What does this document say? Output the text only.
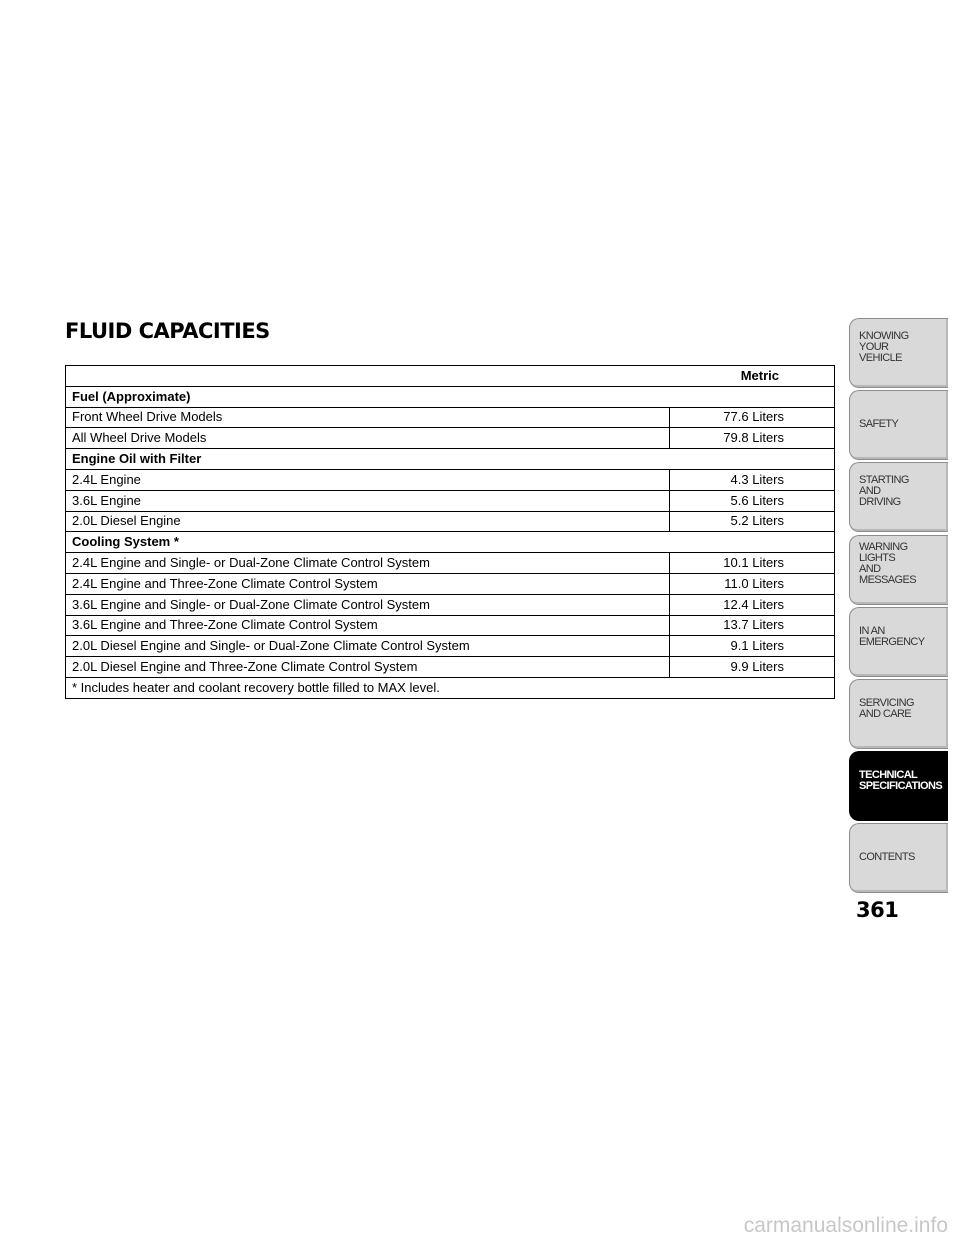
FLUID CAPACITIES
Metric	
Fuel (Approximate)	
Front Wheel Drive Models	77.6 Liters
All Wheel Drive Models	79.8 Liters
Engine Oil with Filter	
2.4L Engine	4.3 Liters
3.6L Engine	5.6 Liters
2.0L Diesel Engine	5.2 Liters
Cooling System *	
2.4L Engine and Single- or Dual-Zone Climate Control System	10.1 Liters
2.4L Engine and Three-Zone Climate Control System	11.0 Liters
3.6L Engine and Single- or Dual-Zone Climate Control System	12.4 Liters
3.6L Engine and Three-Zone Climate Control System	13.7 Liters
2.0L Diesel Engine and Single- or Dual-Zone Climate Control System	9.1 Liters
2.0L Diesel Engine and Three-Zone Climate Control System	9.9 Liters
* Includes heater and coolant recovery bottle filled to MAX level.	
KNOWING
YOUR
VEHICLE
SAFETY
STARTING
AND
DRIVING
WARNING
LIGHTS
AND
MESSAGES
IN AN
EMERGENCY
SERVICING
AND CARE
TECHNICAL
SPECIFICATIONS
CONTENTS
361
carmanualsonline.info
